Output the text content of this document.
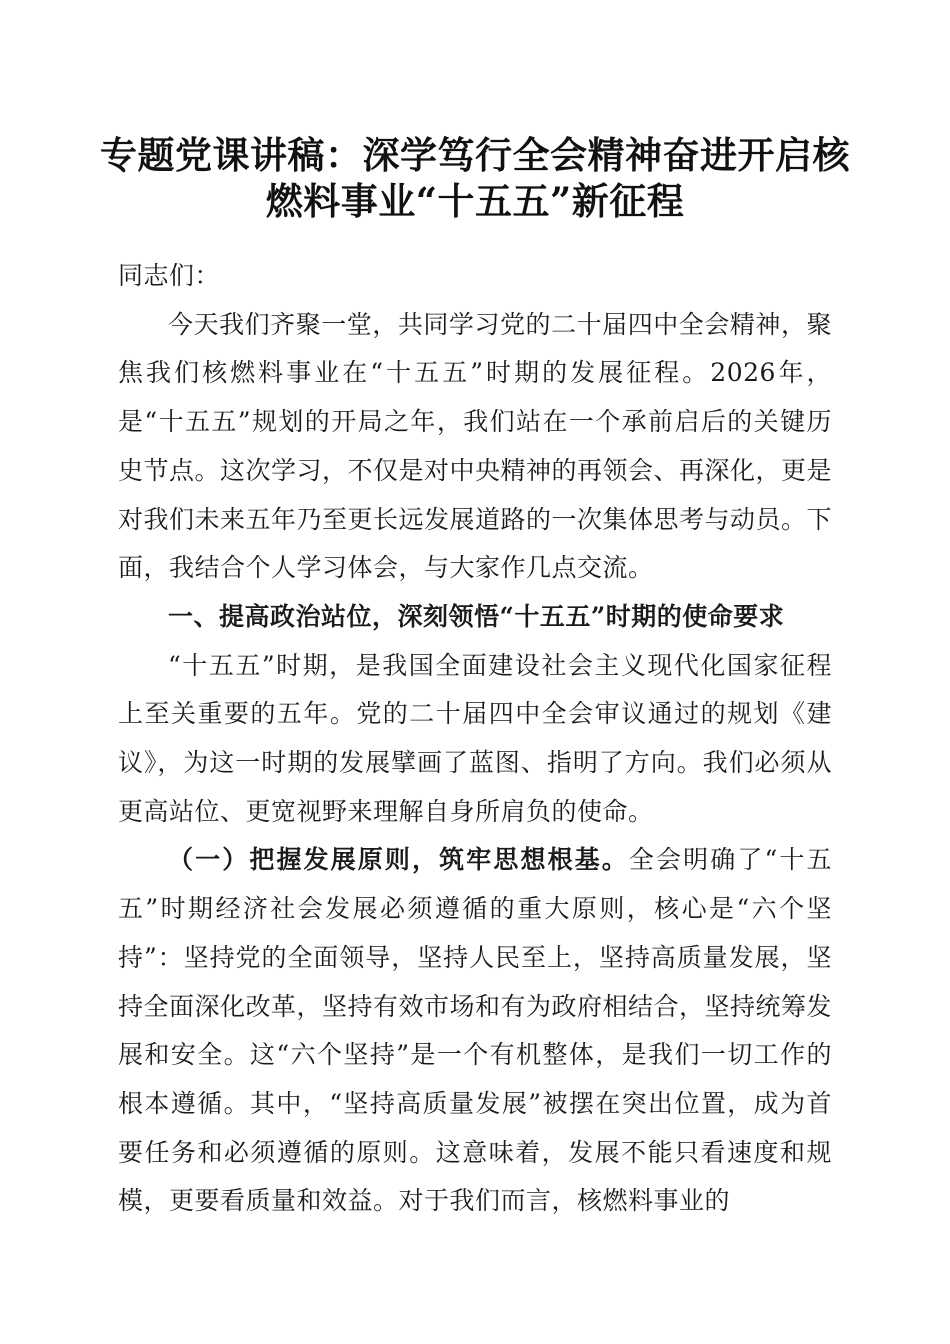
专题党课讲稿：深学笃行全会精神奋进开启核
燃料事业“十五五”新征程

同志们：

今天我们齐聚一堂，共同学习党的二十届四中全会精神，聚焦我们核燃料事业在“十五五”时期的发展征程。2026年，是“十五五”规划的开局之年，我们站在一个承前启后的关键历史节点。这次学习，不仅是对中央精神的再领会、再深化，更是对我们未来五年乃至更长远发展道路的一次集体思考与动员。下面，我结合个人学习体会，与大家作几点交流。

一、提高政治站位，深刻领悟“十五五”时期的使命要求

“十五五”时期，是我国全面建设社会主义现代化国家征程上至关重要的五年。党的二十届四中全会审议通过的规划《建议》，为这一时期的发展擘画了蓝图、指明了方向。我们必须从更高站位、更宽视野来理解自身所肩负的使命。

（一）把握发展原则，筑牢思想根基。全会明确了“十五五”时期经济社会发展必须遵循的重大原则，核心是“六个坚持”：坚持党的全面领导，坚持人民至上，坚持高质量发展，坚持全面深化改革，坚持有效市场和有为政府相结合，坚持统筹发展和安全。这“六个坚持”是一个有机整体，是我们一切工作的根本遵循。其中，“坚持高质量发展”被摆在突出位置，成为首要任务和必须遵循的原则。这意味着，发展不能只看速度和规模，更要看质量和效益。对于我们而言，核燃料事业的
